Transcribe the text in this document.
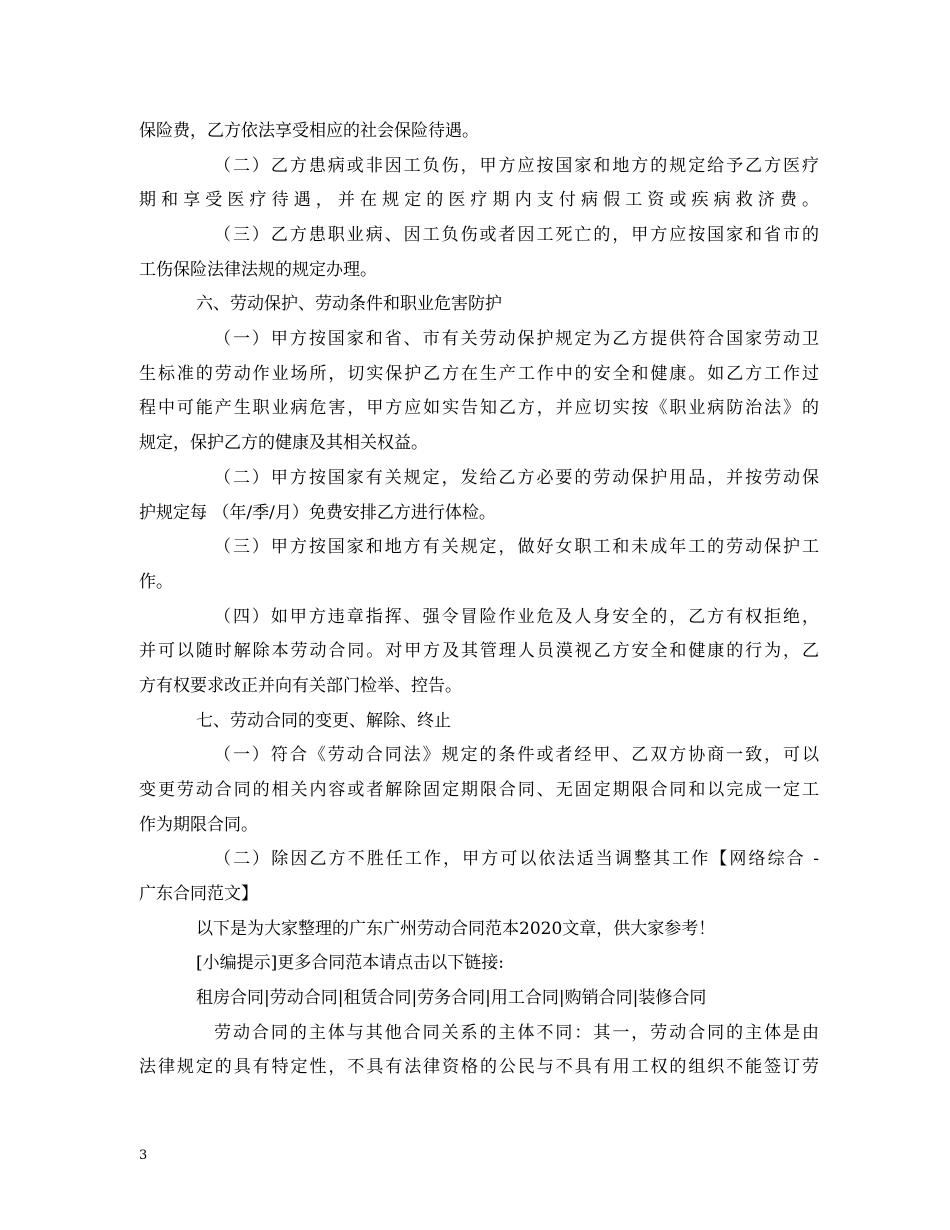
保险费，乙方依法享受相应的社会保险待遇。
（二）乙方患病或非因工负伤，甲方应按国家和地方的规定给予乙方医疗
期和享受医疗待遇，并在规定的医疗期内支付病假工资或疾病救济费。
（三）乙方患职业病、因工负伤或者因工死亡的，甲方应按国家和省市的
工伤保险法律法规的规定办理。
六、劳动保护、劳动条件和职业危害防护
（一）甲方按国家和省、市有关劳动保护规定为乙方提供符合国家劳动卫
生标准的劳动作业场所，切实保护乙方在生产工作中的安全和健康。如乙方工作过
程中可能产生职业病危害，甲方应如实告知乙方，并应切实按《职业病防治法》的
规定，保护乙方的健康及其相关权益。
（二）甲方按国家有关规定，发给乙方必要的劳动保护用品，并按劳动保
护规定每 （年/季/月）免费安排乙方进行体检。
（三）甲方按国家和地方有关规定，做好女职工和未成年工的劳动保护工
作。
（四）如甲方违章指挥、强令冒险作业危及人身安全的，乙方有权拒绝，
并可以随时解除本劳动合同。对甲方及其管理人员漠视乙方安全和健康的行为，乙
方有权要求改正并向有关部门检举、控告。
七、劳动合同的变更、解除、终止
（一）符合《劳动合同法》规定的条件或者经甲、乙双方协商一致，可以
变更劳动合同的相关内容或者解除固定期限合同、无固定期限合同和以完成一定工
作为期限合同。
（二）除因乙方不胜任工作，甲方可以依法适当调整其工作【网络综合 -
广东合同范文】
以下是为大家整理的广东广州劳动合同范本2020文章，供大家参考！
[小编提示]更多合同范本请点击以下链接:
租房合同|劳动合同|租赁合同|劳务合同|用工合同|购销合同|装修合同
劳动合同的主体与其他合同关系的主体不同：其一，劳动合同的主体是由
法律规定的具有特定性，不具有法律资格的公民与不具有用工权的组织不能签订劳
3
